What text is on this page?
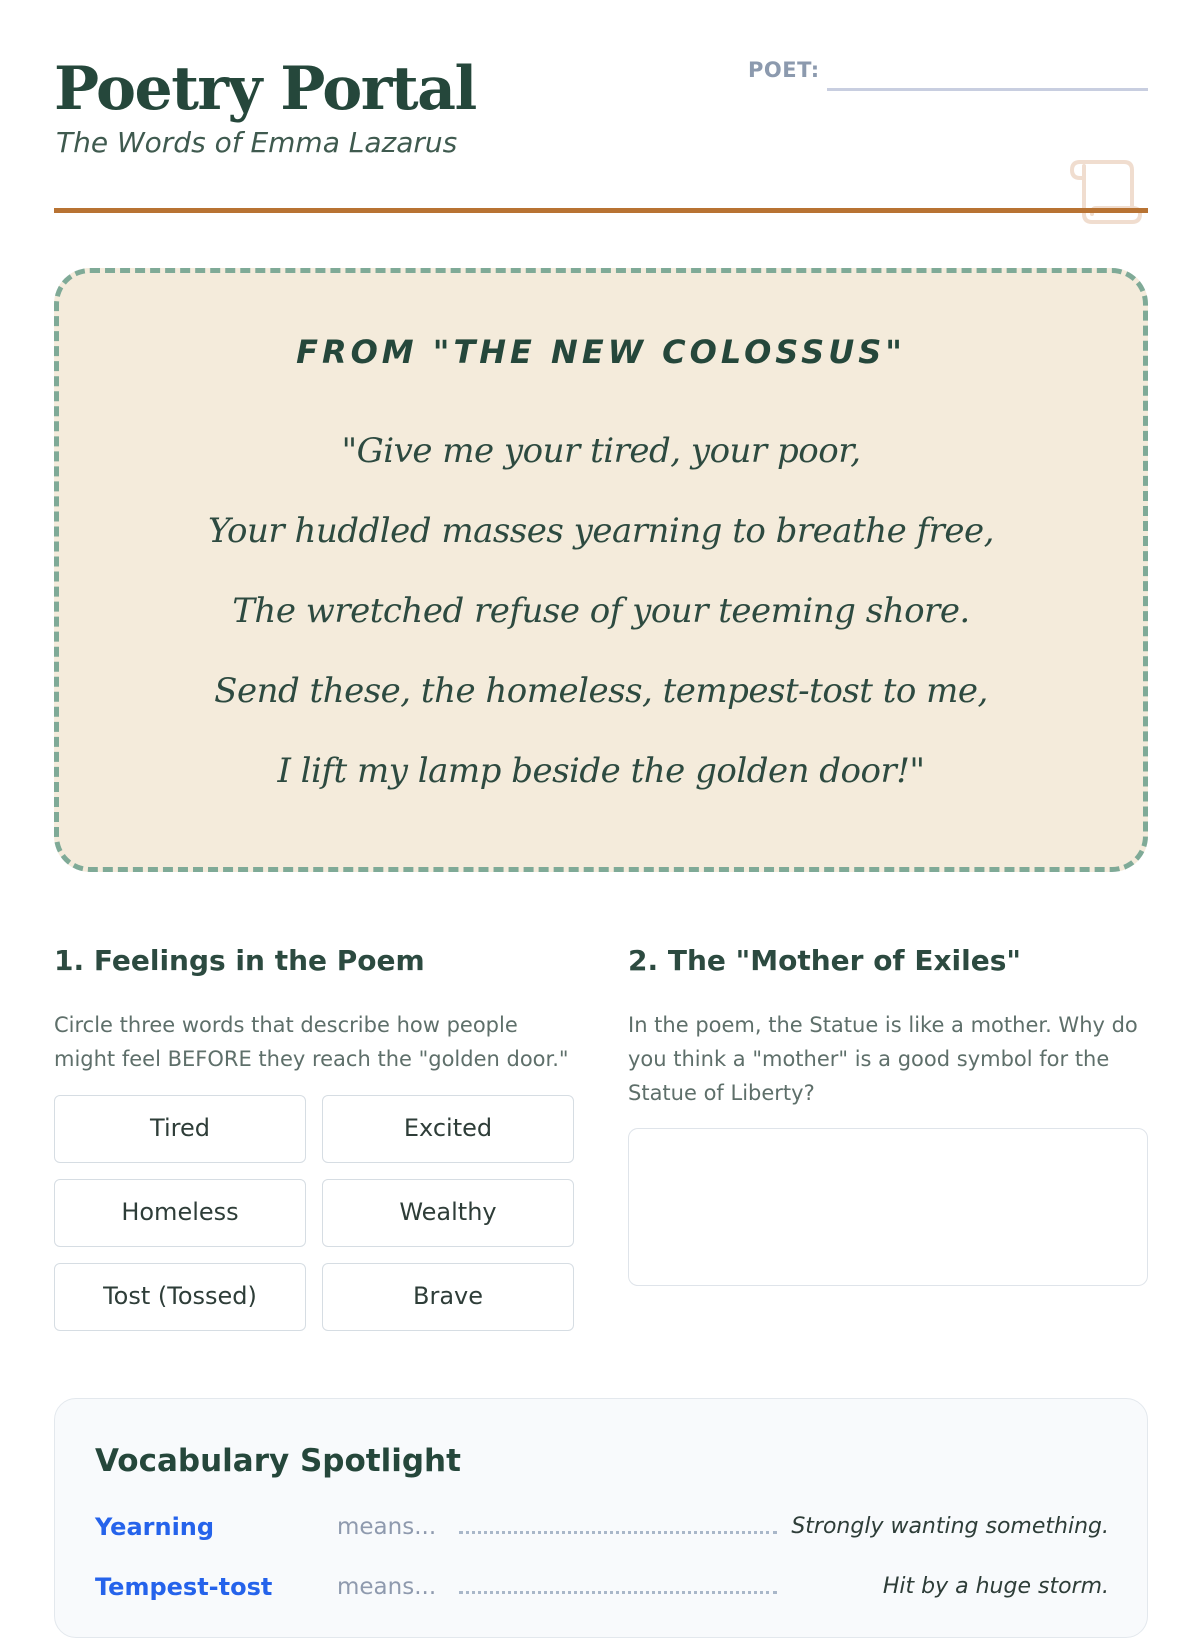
Poetry Portal
The Words of Emma Lazarus
POET:
FROM "THE NEW COLOSSUS"
"Give me your tired, your poor,
Your huddled masses yearning to breathe free,
The wretched refuse of your teeming shore.
Send these, the homeless, tempest-tost to me,
I lift my lamp beside the golden door!"
1. Feelings in the Poem
Circle three words that describe how people might feel BEFORE they reach the "golden door."
Tired	Excited
Homeless	Wealthy
Tost (Tossed)	Brave
2. The "Mother of Exiles"
In the poem, the Statue is like a mother. Why do you think a "mother" is a good symbol for the Statue of Liberty?
Vocabulary Spotlight
Yearning	means...	Strongly wanting something.
Tempest-tost	means...	Hit by a huge storm.
